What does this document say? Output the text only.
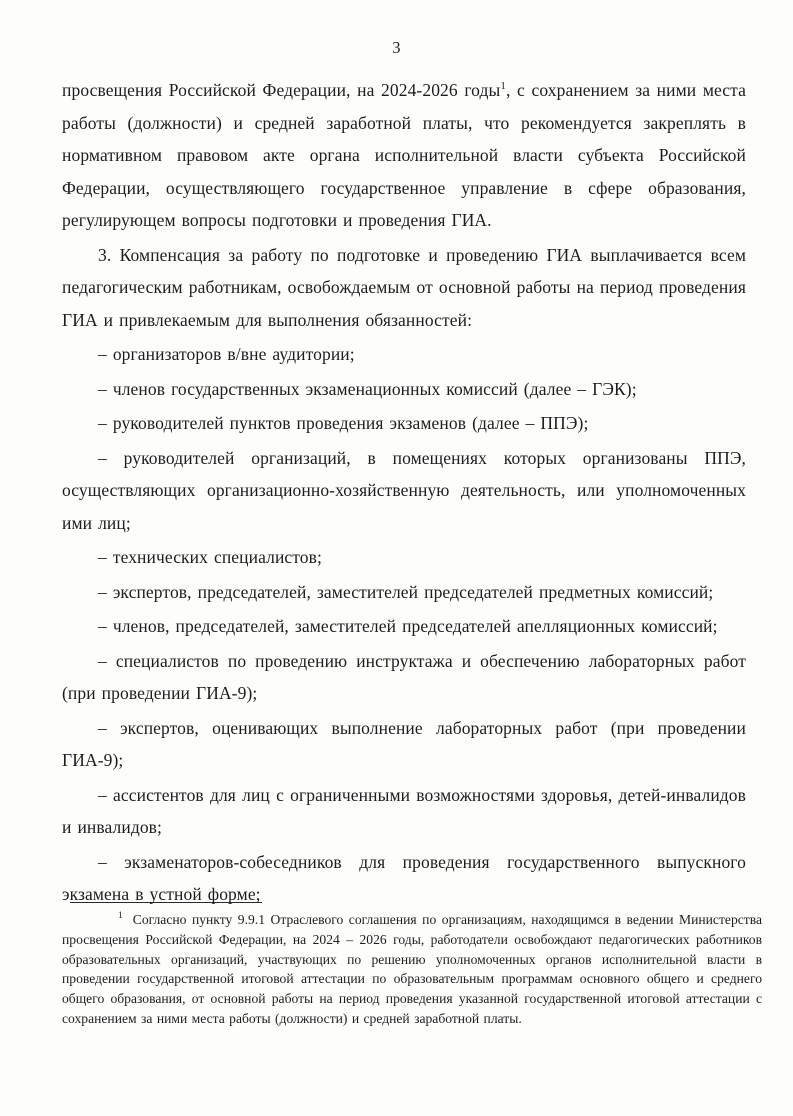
3

просвещения Российской Федерации, на 2024-2026 годы$^1$, с сохранением за ними места работы (должности) и средней заработной платы, что рекомендуется закреплять в нормативном правовом акте органа исполнительной власти субъекта Российской Федерации, осуществляющего государственное управление в сфере образования, регулирующем вопросы подготовки и проведения ГИА.

3. Компенсация за работу по подготовке и проведению ГИА выплачивается всем педагогическим работникам, освобождаемым от основной работы на период проведения ГИА и привлекаемым для выполнения обязанностей:

– организаторов в/вне аудитории;

– членов государственных экзаменационных комиссий (далее – ГЭК);

– руководителей пунктов проведения экзаменов (далее – ППЭ);

– руководителей организаций, в помещениях которых организованы ППЭ, осуществляющих организационно-хозяйственную деятельность, или уполномоченных ими лиц;

– технических специалистов;

– экспертов, председателей, заместителей председателей предметных комиссий;

– членов, председателей, заместителей председателей апелляционных комиссий;

– специалистов по проведению инструктажа и обеспечению лабораторных работ (при проведении ГИА-9);

– экспертов, оценивающих выполнение лабораторных работ (при проведении ГИА-9);

– ассистентов для лиц с ограниченными возможностями здоровья, детей-инвалидов и инвалидов;

– экзаменаторов-собеседников для проведения государственного выпускного экзамена в устной форме;

$^1$ Согласно пункту 9.9.1 Отраслевого соглашения по организациям, находящимся в ведении Министерства просвещения Российской Федерации, на 2024 – 2026 годы, работодатели освобождают педагогических работников образовательных организаций, участвующих по решению уполномоченных органов исполнительной власти в проведении государственной итоговой аттестации по образовательным программам основного общего и среднего общего образования, от основной работы на период проведения указанной государственной итоговой аттестации с сохранением за ними места работы (должности) и средней заработной платы.
